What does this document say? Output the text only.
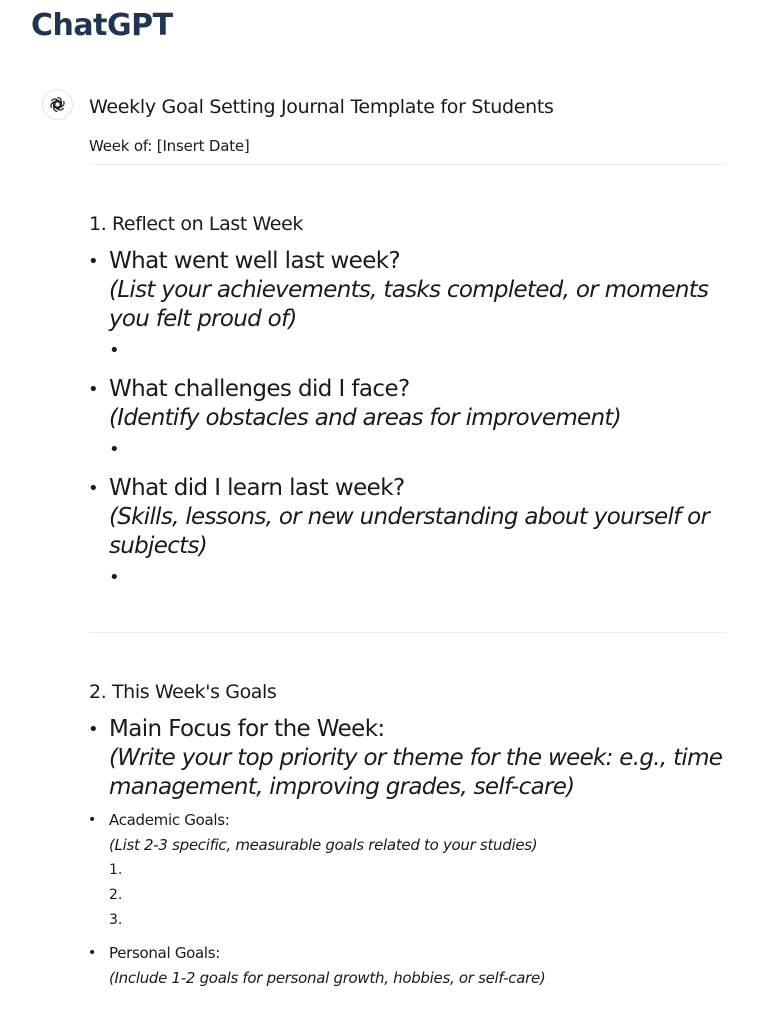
ChatGPT
Weekly Goal Setting Journal Template for Students

Week of: [Insert Date]

1. Reflect on Last Week
• What went well last week?
(List your achievements, tasks completed, or moments you felt proud of)
•
• What challenges did I face?
(Identify obstacles and areas for improvement)
•
• What did I learn last week?
(Skills, lessons, or new understanding about yourself or subjects)
•
2. This Week's Goals
• Main Focus for the Week:
(Write your top priority or theme for the week: e.g., time management, improving grades, self-care)
• Academic Goals:
(List 2-3 specific, measurable goals related to your studies)
1.
2.
3.
• Personal Goals:
(Include 1-2 goals for personal growth, hobbies, or self-care)
